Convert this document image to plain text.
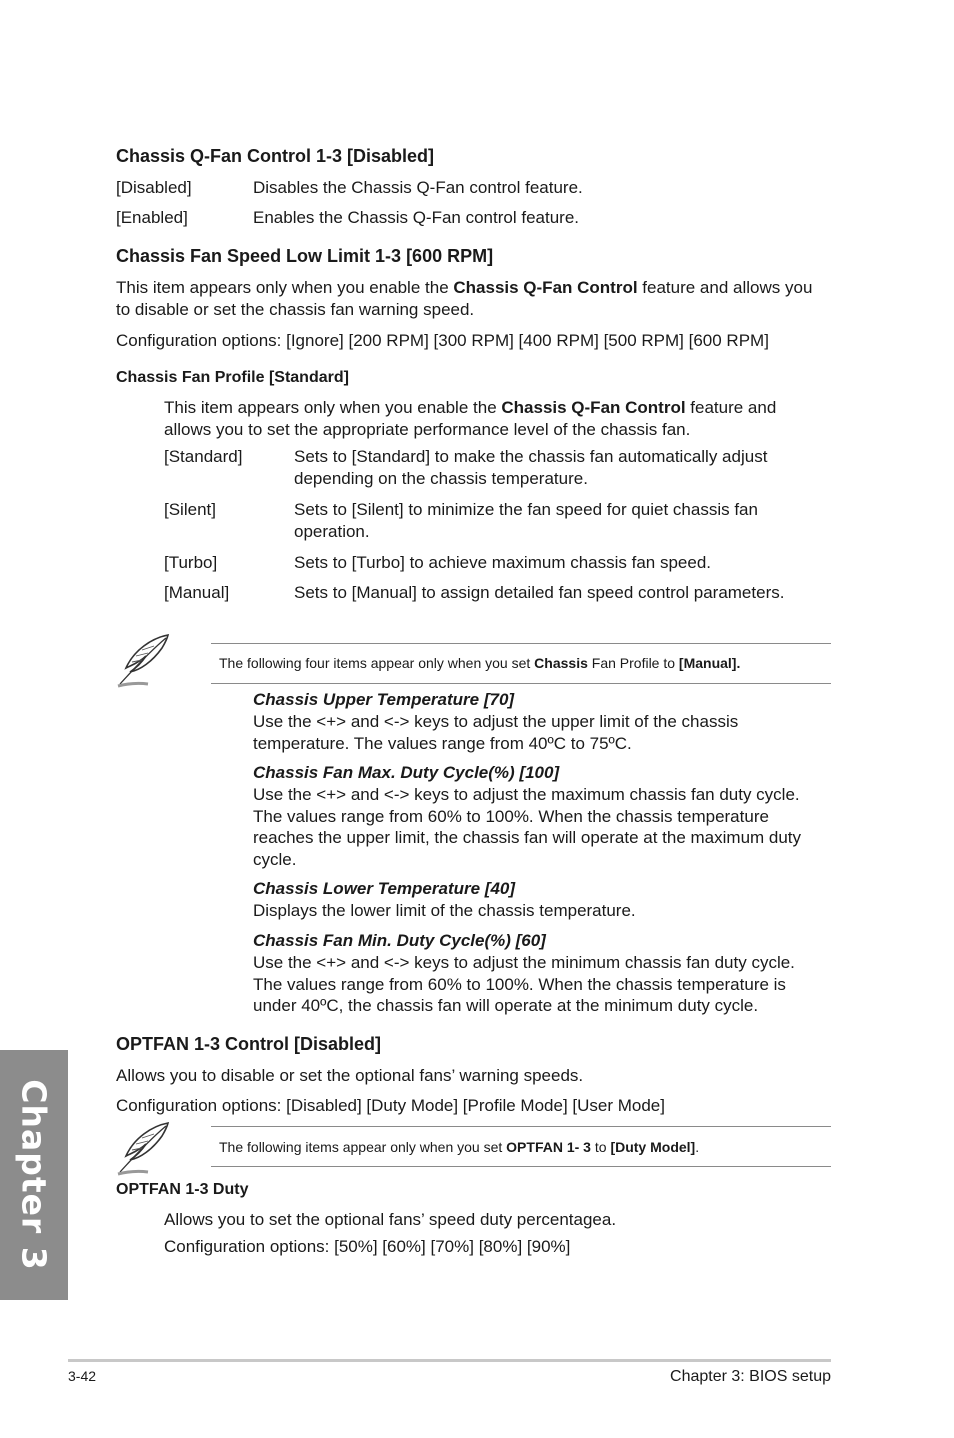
Chassis Q-Fan Control 1-3 [Disabled]
[Disabled]	Disables the Chassis Q-Fan control feature.
[Enabled]	Enables the Chassis Q-Fan control feature.
Chassis Fan Speed Low Limit 1-3 [600 RPM]
This item appears only when you enable the Chassis Q-Fan Control feature and allows you
to disable or set the chassis fan warning speed.
Configuration options: [Ignore] [200 RPM] [300 RPM] [400 RPM] [500 RPM] [600 RPM]
Chassis Fan Profile [Standard]
This item appears only when you enable the Chassis Q-Fan Control feature and
allows you to set the appropriate performance level of the chassis fan.
[Standard]	Sets to [Standard] to make the chassis fan automatically adjust
depending on the chassis temperature.
[Silent]	Sets to [Silent] to minimize the fan speed for quiet chassis fan
operation.
[Turbo]	Sets to [Turbo] to achieve maximum chassis fan speed.
[Manual]	Sets to [Manual] to assign detailed fan speed control parameters.
The following four items appear only when you set Chassis Fan Profile to [Manual].
Chassis Upper Temperature [70]
Use the <+> and <-> keys to adjust the upper limit of the chassis
temperature. The values range from 40ºC to 75ºC.
Chassis Fan Max. Duty Cycle(%) [100]
Use the <+> and <-> keys to adjust the maximum chassis fan duty cycle.
The values range from 60% to 100%. When the chassis temperature
reaches the upper limit, the chassis fan will operate at the maximum duty
cycle.
Chassis Lower Temperature [40]
Displays the lower limit of the chassis temperature.
Chassis Fan Min. Duty Cycle(%) [60]
Use the <+> and <-> keys to adjust the minimum chassis fan duty cycle.
The values range from 60% to 100%. When the chassis temperature is
under 40ºC, the chassis fan will operate at the minimum duty cycle.
OPTFAN 1-3 Control [Disabled]
Allows you to disable or set the optional fans’ warning speeds.
Configuration options: [Disabled] [Duty Mode] [Profile Mode] [User Mode]
The following items appear only when you set OPTFAN 1- 3 to [Duty Model].
OPTFAN 1-3 Duty
Allows you to set the optional fans’ speed duty percentagea.
Configuration options: [50%] [60%] [70%] [80%] [90%]
Chapter 3
3-42	Chapter 3: BIOS setup
